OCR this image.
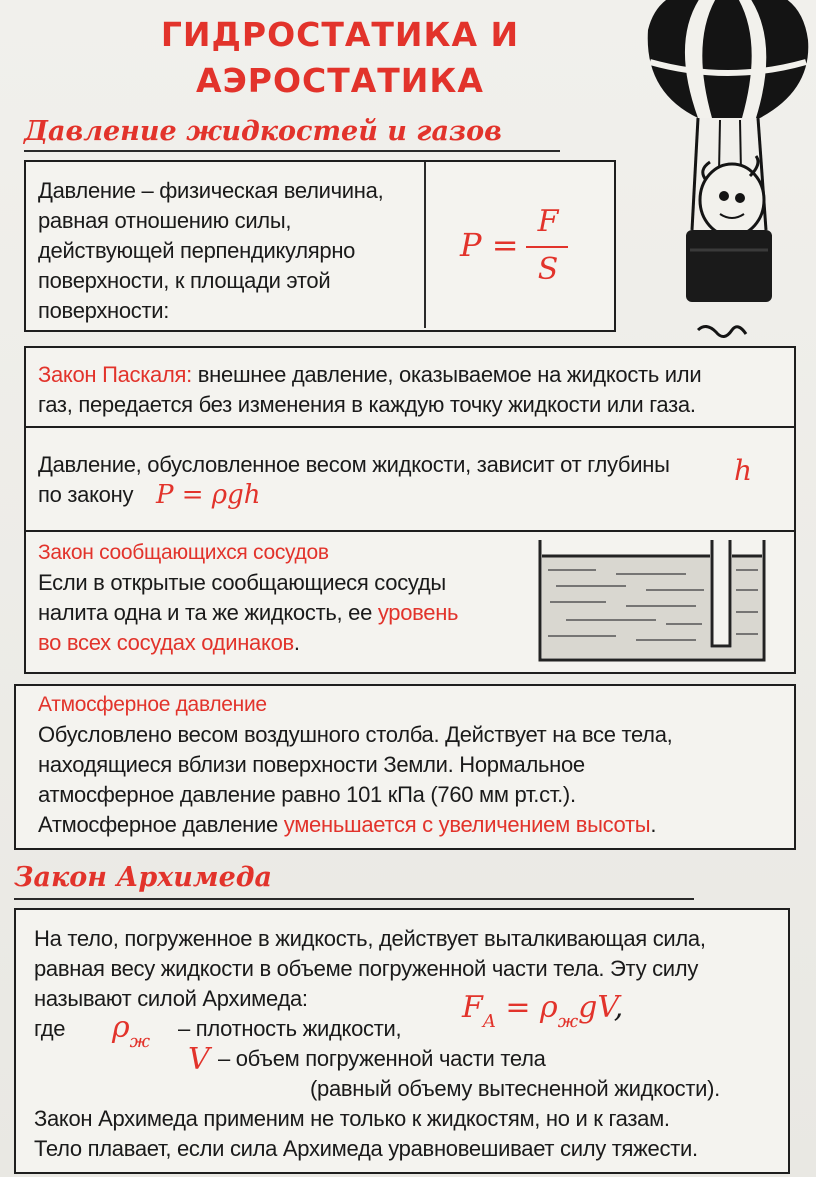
ГИДРОСТАТИКА И
АЭРОСТАТИКА
Давление жидкостей и газов
Давление – физическая величина,
равная отношению силы,
действующей перпендикулярно
поверхности, к площади этой
поверхности:
P =
F
S
Закон Паскаля: внешнее давление, оказываемое на жидкость или
газ, передается без изменения в каждую точку жидкости или газа.
Давление, обусловленное весом жидкости, зависит от глубины h
по закону P = ρgh
Закон сообщающихся сосудов
Если в открытые сообщающиеся сосуды
налита одна и та же жидкость, ее уровень
во всех сосудах одинаков.
Атмосферное давление
Обусловлено весом воздушного столба. Действует на все тела,
находящиеся вблизи поверхности Земли. Нормальное
атмосферное давление равно 101 кПа (760 мм рт.ст.).
Атмосферное давление уменьшается с увеличением высоты.
Закон Архимеда
На тело, погруженное в жидкость, действует выталкивающая сила,
равная весу жидкости в объеме погруженной части тела. Эту силу
называют силой Архимеда:	$F_A = \rho_жgV$,
где $\rho_ж$
– плотность жидкости,
V – объем погруженной части тела
(равный объему вытесненной жидкости).
Закон Архимеда применим не только к жидкостям, но и к газам.
Тело плавает, если сила Архимеда уравновешивает силу тяжести.
